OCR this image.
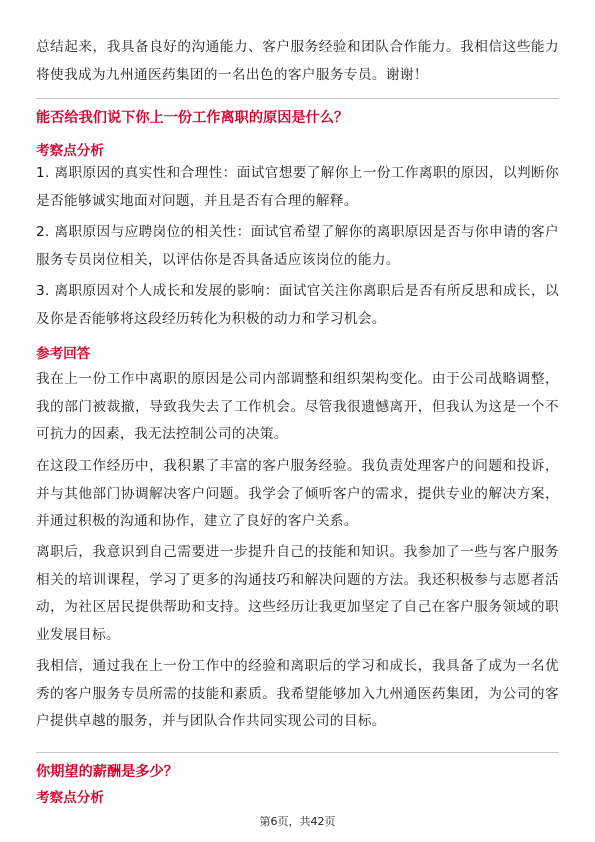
总结起来，我具备良好的沟通能力、客户服务经验和团队合作能力。我相信这些能力将使我成为九州通医药集团的一名出色的客户服务专员。谢谢！
能否给我们说下你上一份工作离职的原因是什么？
考察点分析
1. 离职原因的真实性和合理性：面试官想要了解你上一份工作离职的原因，以判断你是否能够诚实地面对问题，并且是否有合理的解释。
2. 离职原因与应聘岗位的相关性：面试官希望了解你的离职原因是否与你申请的客户服务专员岗位相关，以评估你是否具备适应该岗位的能力。
3. 离职原因对个人成长和发展的影响：面试官关注你离职后是否有所反思和成长，以及你是否能够将这段经历转化为积极的动力和学习机会。
参考回答
我在上一份工作中离职的原因是公司内部调整和组织架构变化。由于公司战略调整，我的部门被裁撤，导致我失去了工作机会。尽管我很遗憾离开，但我认为这是一个不可抗力的因素，我无法控制公司的决策。
在这段工作经历中，我积累了丰富的客户服务经验。我负责处理客户的问题和投诉，并与其他部门协调解决客户问题。我学会了倾听客户的需求，提供专业的解决方案，并通过积极的沟通和协作，建立了良好的客户关系。
离职后，我意识到自己需要进一步提升自己的技能和知识。我参加了一些与客户服务相关的培训课程，学习了更多的沟通技巧和解决问题的方法。我还积极参与志愿者活动，为社区居民提供帮助和支持。这些经历让我更加坚定了自己在客户服务领域的职业发展目标。
我相信，通过我在上一份工作中的经验和离职后的学习和成长，我具备了成为一名优秀的客户服务专员所需的技能和素质。我希望能够加入九州通医药集团，为公司的客户提供卓越的服务，并与团队合作共同实现公司的目标。
你期望的薪酬是多少？
考察点分析
第6页，共42页
